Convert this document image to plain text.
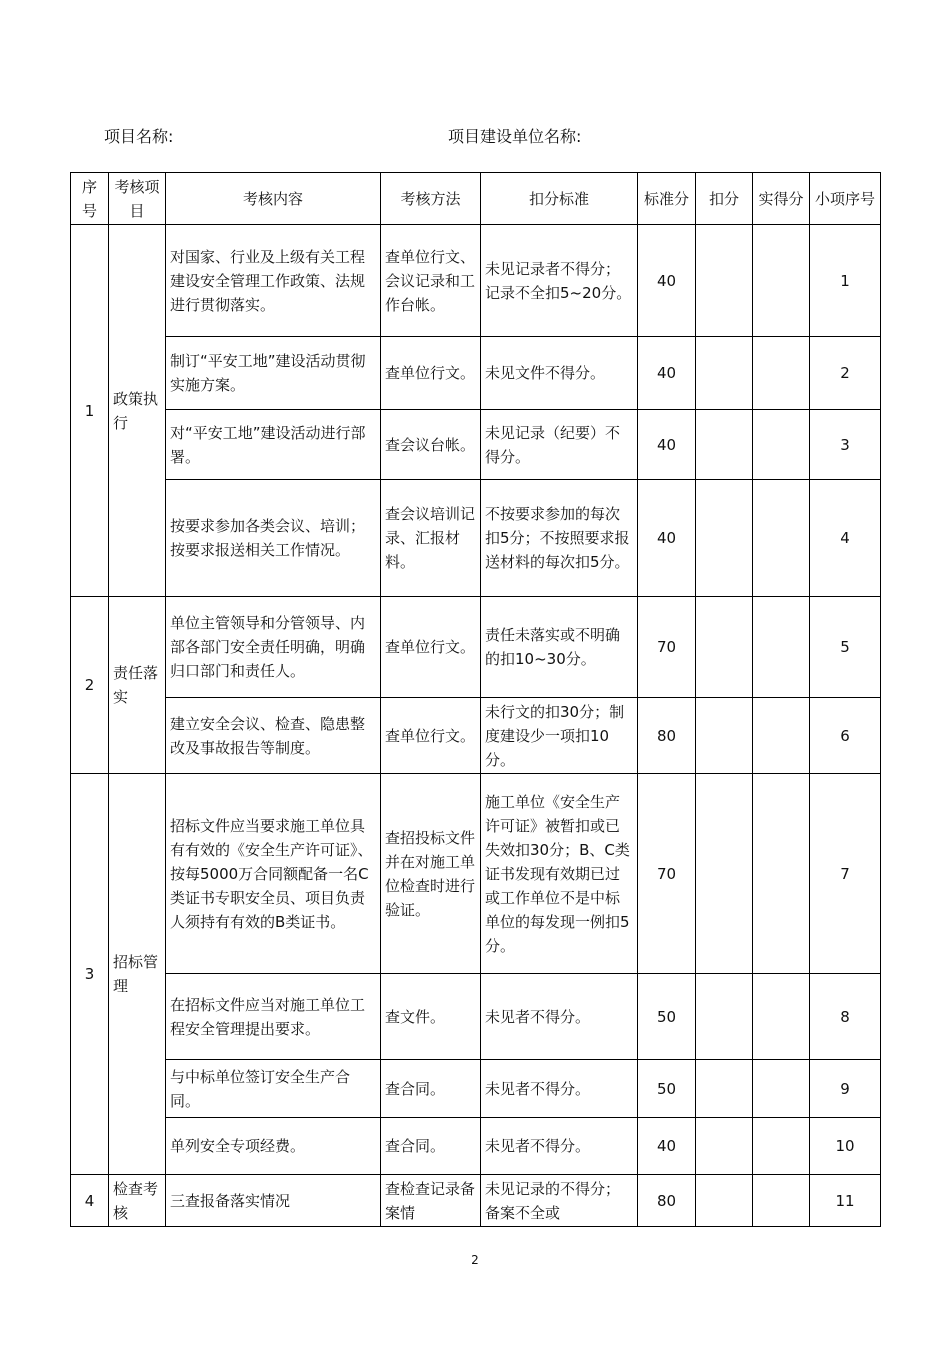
项目名称:	项目建设单位名称:
序号	考核项目	考核内容	考核方法	扣分标准	标准分	扣分	实得分	小项序号
1	政策执行	对国家、行业及上级有关工程建设安全管理工作政策、法规进行贯彻落实。	查单位行文、会议记录和工作台帐。	未见记录者不得分；记录不全扣5~20分。	40			1
		制订“平安工地”建设活动贯彻实施方案。	查单位行文。	未见文件不得分。	40			2
		对“平安工地”建设活动进行部署。	查会议台帐。	未见记录（纪要）不得分。	40			3
		按要求参加各类会议、培训；按要求报送相关工作情况。	查会议培训记录、汇报材料。	不按要求参加的每次扣5分；不按照要求报送材料的每次扣5分。	40			4
2	责任落实	单位主管领导和分管领导、内部各部门安全责任明确，明确归口部门和责任人。	查单位行文。	责任未落实或不明确的扣10~30分。	70			5
		建立安全会议、检查、隐患整改及事故报告等制度。	查单位行文。	未行文的扣30分；制度建设少一项扣10分。	80			6
3	招标管理	招标文件应当要求施工单位具有有效的《安全生产许可证》、按每5000万合同额配备一名C类证书专职安全员、项目负责人须持有有效的B类证书。	查招投标文件并在对施工单位检查时进行验证。	施工单位《安全生产许可证》被暂扣或已失效扣30分；B、C类证书发现有效期已过或工作单位不是中标单位的每发现一例扣5分。	70			7
		在招标文件应当对施工单位工程安全管理提出要求。	查文件。	未见者不得分。	50			8
		与中标单位签订安全生产合同。	查合同。	未见者不得分。	50			9
		单列安全专项经费。	查合同。	未见者不得分。	40			10
4	检查考核	三查报备落实情况	查检查记录备案情	未见记录的不得分；备案不全或	80			11
2
